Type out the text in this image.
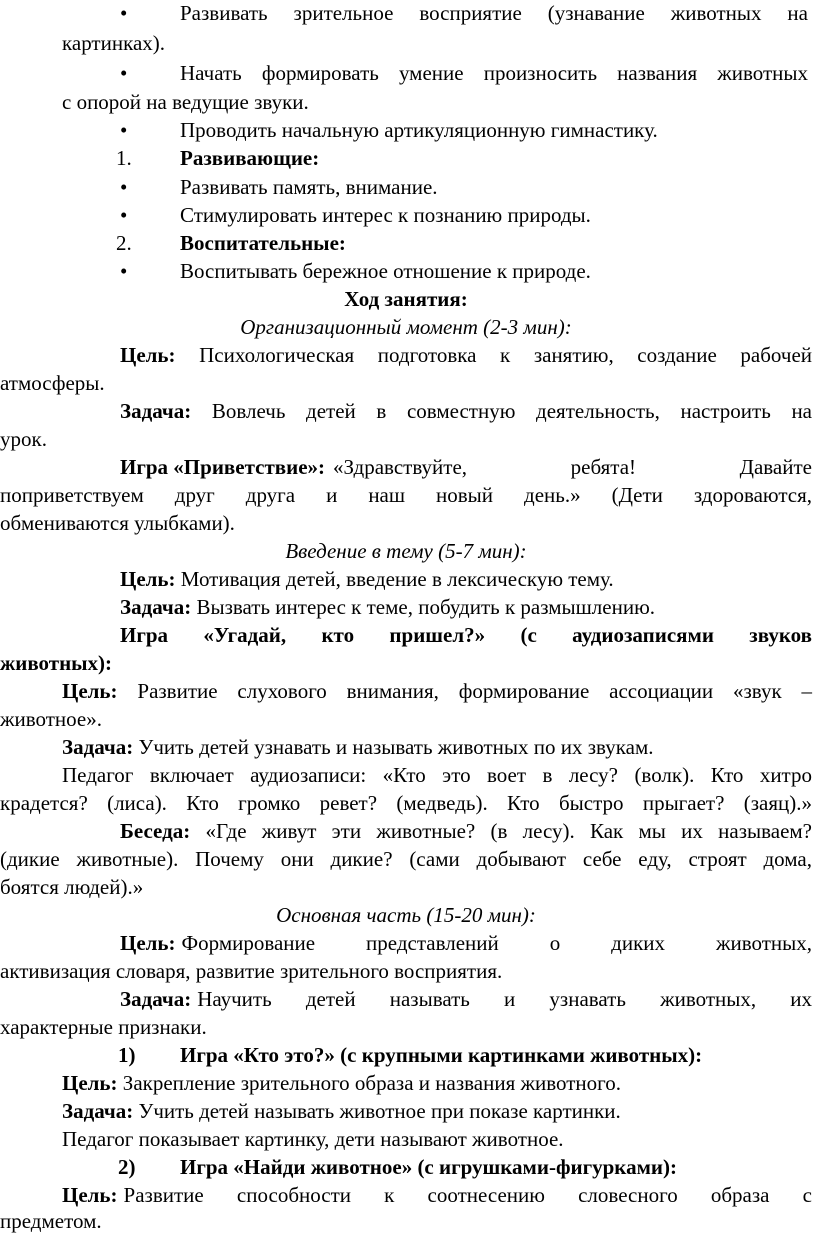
•	Развивать зрительное восприятие (узнавание животных на
картинках).
•	Начать формировать умение произносить названия животных
с опорой на ведущие звуки.
•	Проводить начальную артикуляционную гимнастику.
1. Развивающие:
•	Развивать память, внимание.
•	Стимулировать интерес к познанию природы.
2. Воспитательные:
•	Воспитывать бережное отношение к природе.
Ход занятия:
Организационный момент (2-3 мин):
Цель: Психологическая подготовка к занятию, создание рабочей
атмосферы.
Задача: Вовлечь детей в совместную деятельность, настроить на
урок.
Игра «Приветствие»: «Здравствуйте, ребята! Давайте
поприветствуем друг друга и наш новый день.» (Дети здороваются,
обмениваются улыбками).
Введение в тему (5-7 мин):
Цель: Мотивация детей, введение в лексическую тему.
Задача: Вызвать интерес к теме, побудить к размышлению.
Игра «Угадай, кто пришел?» (с аудиозаписями звуков
животных):
Цель: Развитие слухового внимания, формирование ассоциации «звук –
животное».
Задача: Учить детей узнавать и называть животных по их звукам.
Педагог включает аудиозаписи: «Кто это воет в лесу? (волк). Кто хитро
крадется? (лиса). Кто громко ревет? (медведь). Кто быстро прыгает? (заяц).»
Беседа: «Где живут эти животные? (в лесу). Как мы их называем?
(дикие животные). Почему они дикие? (сами добывают себе еду, строят дома,
боятся людей).»
Основная часть (15-20 мин):
Цель: Формирование представлений о диких животных,
активизация словаря, развитие зрительного восприятия.
Задача: Научить детей называть и узнавать животных, их
характерные признаки.
1) Игра «Кто это?» (с крупными картинками животных):
Цель: Закрепление зрительного образа и названия животного.
Задача: Учить детей называть животное при показе картинки.
Педагог показывает картинку, дети называют животное.
2) Игра «Найди животное» (с игрушками-фигурками):
Цель: Развитие способности к соотнесению словесного образа с
предметом.
